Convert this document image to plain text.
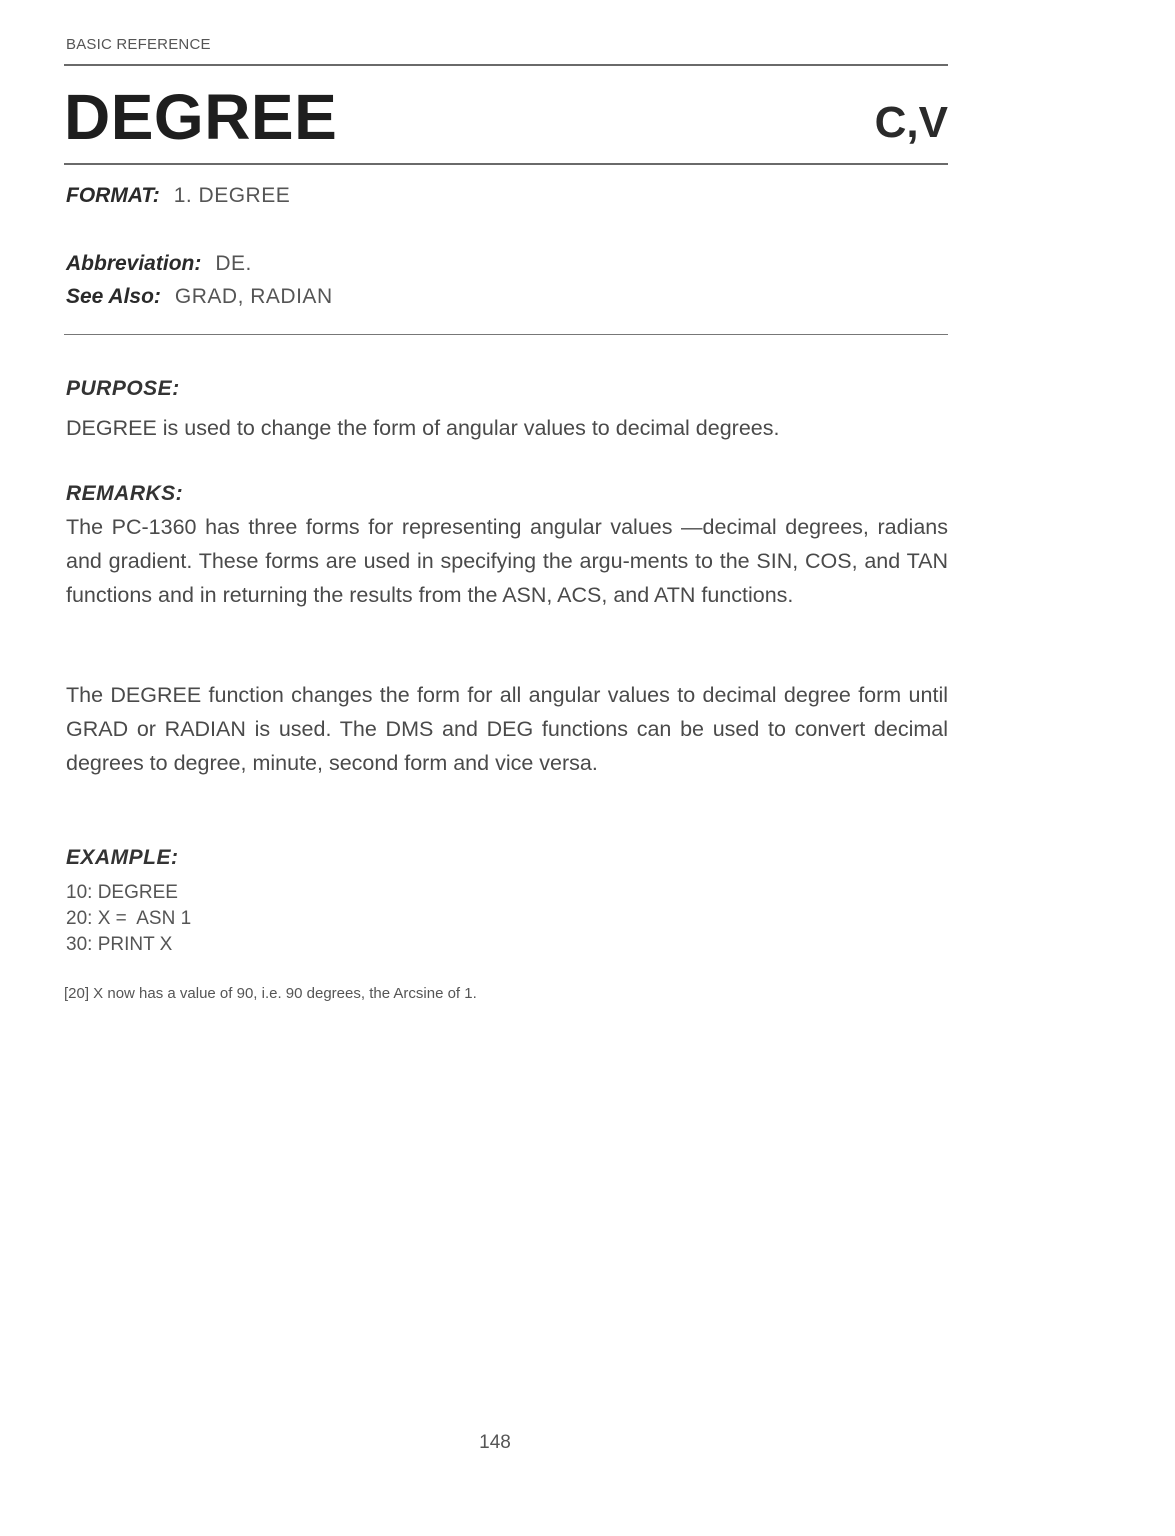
BASIC REFERENCE
DEGREE	C,V
FORMAT: 1. DEGREE
Abbreviation: DE.
See Also: GRAD, RADIAN
PURPOSE:
DEGREE is used to change the form of angular values to decimal degrees.
REMARKS:
The PC-1360 has three forms for representing angular values —decimal degrees, radians and gradient. These forms are used in specifying the argu-ments to the SIN, COS, and TAN functions and in returning the results from the ASN, ACS, and ATN functions.
The DEGREE function changes the form for all angular values to decimal degree form until GRAD or RADIAN is used. The DMS and DEG functions can be used to convert decimal degrees to degree, minute, second form and vice versa.
EXAMPLE:
10: DEGREE
20: X =  ASN 1
30: PRINT X
[20] X now has a value of 90, i.e. 90 degrees, the Arcsine of 1.
148
